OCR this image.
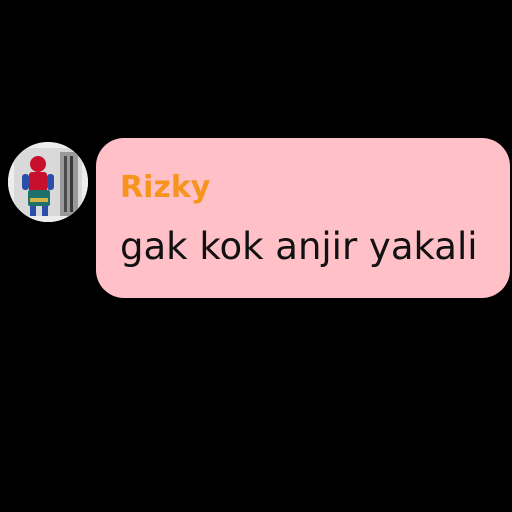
Rizky
gak kok anjir yakali
